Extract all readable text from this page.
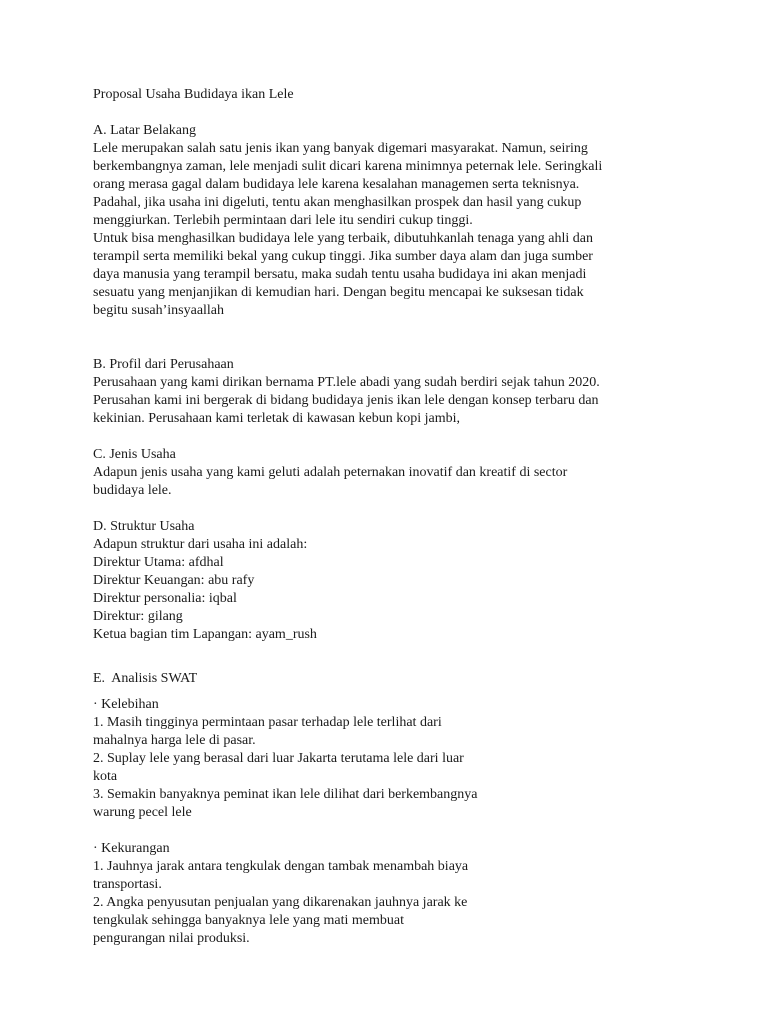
Proposal Usaha Budidaya ikan Lele
A. Latar Belakang
Lele merupakan salah satu jenis ikan yang banyak digemari masyarakat. Namun, seiring
berkembangnya zaman, lele menjadi sulit dicari karena minimnya peternak lele. Seringkali
orang merasa gagal dalam budidaya lele karena kesalahan managemen serta teknisnya.
Padahal, jika usaha ini digeluti, tentu akan menghasilkan prospek dan hasil yang cukup
menggiurkan. Terlebih permintaan dari lele itu sendiri cukup tinggi.
Untuk bisa menghasilkan budidaya lele yang terbaik, dibutuhkanlah tenaga yang ahli dan
terampil serta memiliki bekal yang cukup tinggi. Jika sumber daya alam dan juga sumber
daya manusia yang terampil bersatu, maka sudah tentu usaha budidaya ini akan menjadi
sesuatu yang menjanjikan di kemudian hari. Dengan begitu mencapai ke suksesan tidak
begitu susah’insyaallah
B. Profil dari Perusahaan
Perusahaan yang kami dirikan bernama PT.lele abadi yang sudah berdiri sejak tahun 2020.
Perusahan kami ini bergerak di bidang budidaya jenis ikan lele dengan konsep terbaru dan
kekinian. Perusahaan kami terletak di kawasan kebun kopi jambi,
C. Jenis Usaha
Adapun jenis usaha yang kami geluti adalah peternakan inovatif dan kreatif di sector
budidaya lele.
D. Struktur Usaha
Adapun struktur dari usaha ini adalah:
Direktur Utama: afdhal
Direktur Keuangan: abu rafy
Direktur personalia: iqbal
Direktur: gilang
Ketua bagian tim Lapangan: ayam_rush
E.  Analisis SWAT
· Kelebihan
1. Masih tingginya permintaan pasar terhadap lele terlihat dari
mahalnya harga lele di pasar.
2. Suplay lele yang berasal dari luar Jakarta terutama lele dari luar
kota
3. Semakin banyaknya peminat ikan lele dilihat dari berkembangnya
warung pecel lele
· Kekurangan
1. Jauhnya jarak antara tengkulak dengan tambak menambah biaya
transportasi.
2. Angka penyusutan penjualan yang dikarenakan jauhnya jarak ke
tengkulak sehingga banyaknya lele yang mati membuat
pengurangan nilai produksi.
